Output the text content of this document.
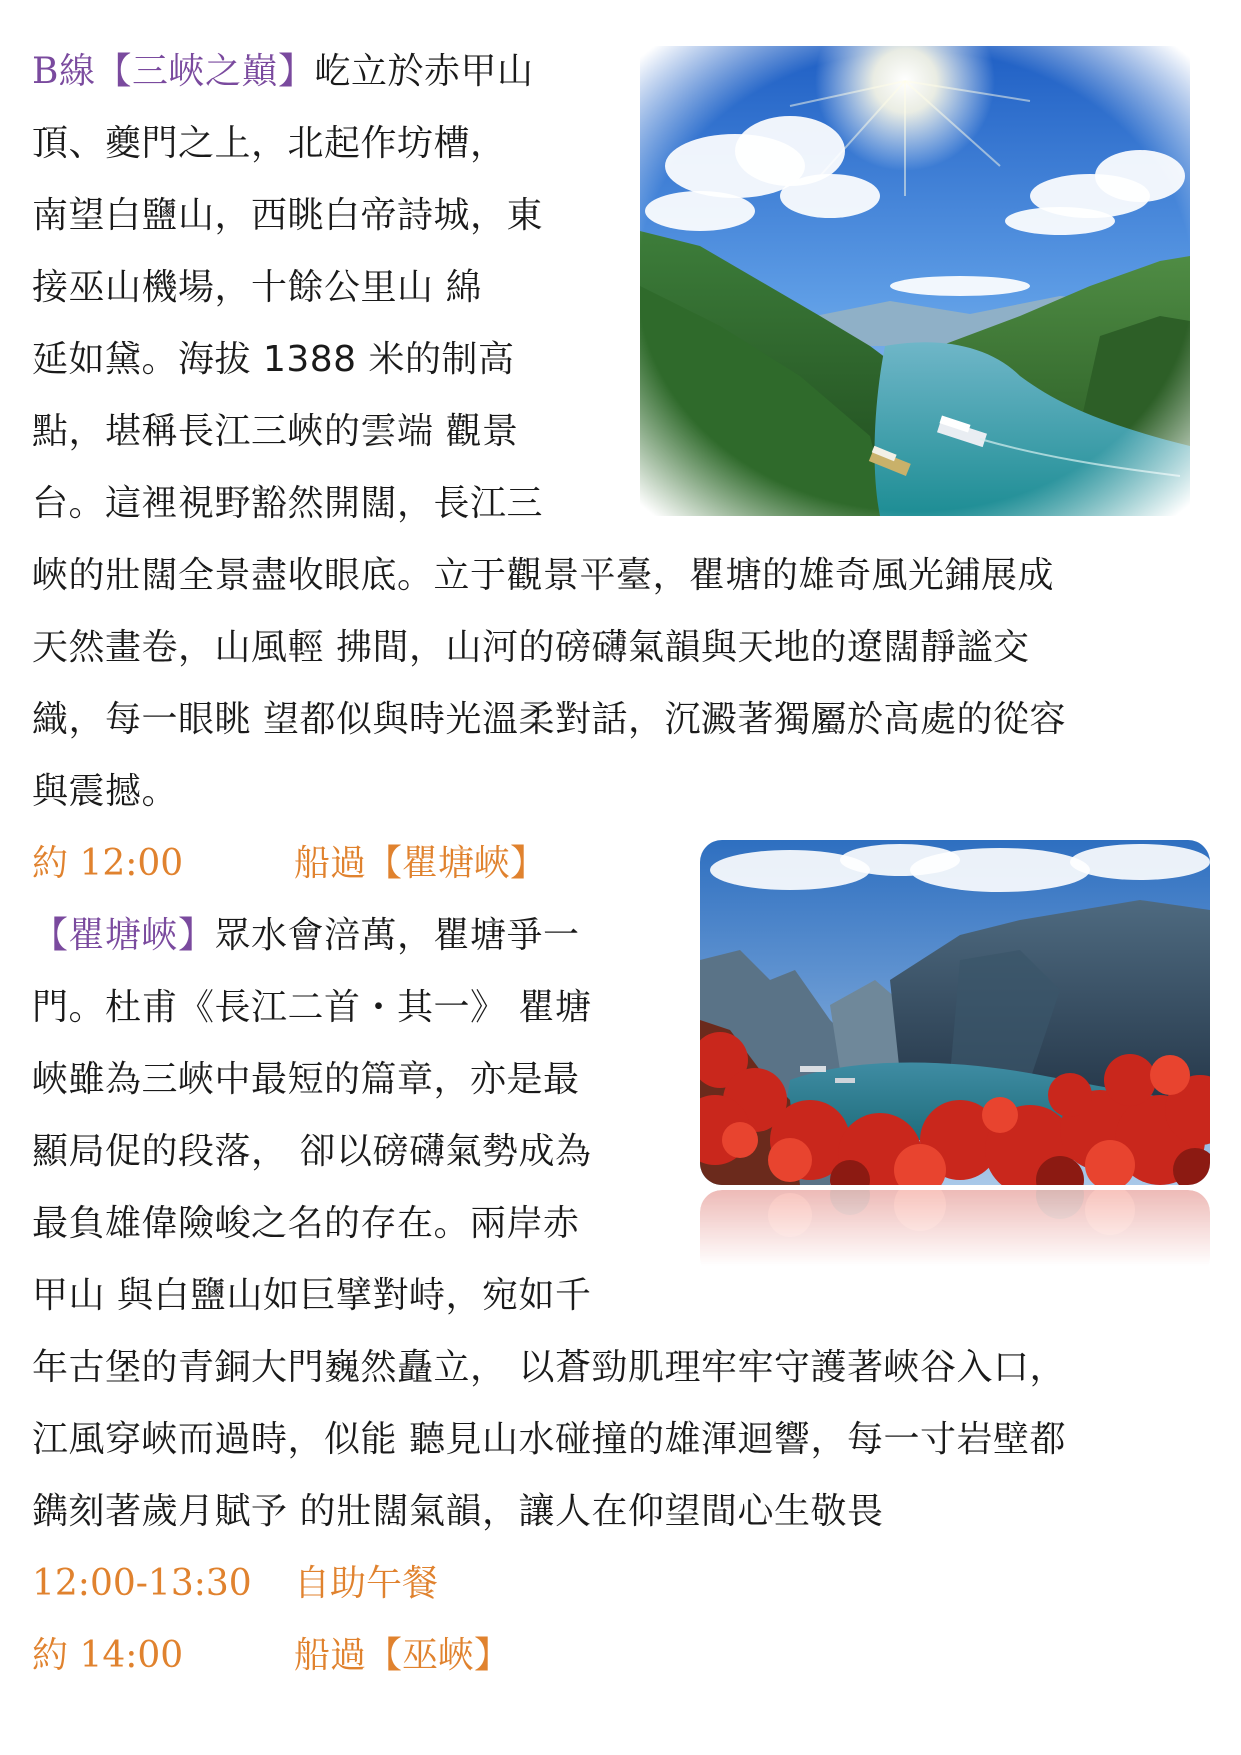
B線【三峽之巔】屹立於赤甲山
頂、夔門之上，北起作坊槽，
南望白鹽山，西眺白帝詩城，東
接巫山機場，十餘公里山 綿
延如黛。海拔 1388 米的制高
點，堪稱長江三峽的雲端 觀景
台。這裡視野豁然開闊，長江三
峽的壯闊全景盡收眼底。立于觀景平臺，瞿塘的雄奇風光鋪展成
天然畫卷，山風輕 拂間，山河的磅礴氣韻與天地的遼闊靜謐交
織，每一眼眺 望都似與時光溫柔對話，沉澱著獨屬於高處的從容
與震撼。
約 12:00	船過【瞿塘峽】
【瞿塘峽】眾水會涪萬，瞿塘爭一
門。杜甫《長江二首・其一》 瞿塘
峽雖為三峽中最短的篇章，亦是最
顯局促的段落， 卻以磅礴氣勢成為
最負雄偉險峻之名的存在。兩岸赤
甲山 與白鹽山如巨擘對峙，宛如千
年古堡的青銅大門巍然矗立， 以蒼勁肌理牢牢守護著峽谷入口，
江風穿峽而過時，似能 聽見山水碰撞的雄渾迴響，每一寸岩壁都
鐫刻著歲月賦予 的壯闊氣韻，讓人在仰望間心生敬畏
12:00-13:30 自助午餐
約 14:00	船過【巫峽】
